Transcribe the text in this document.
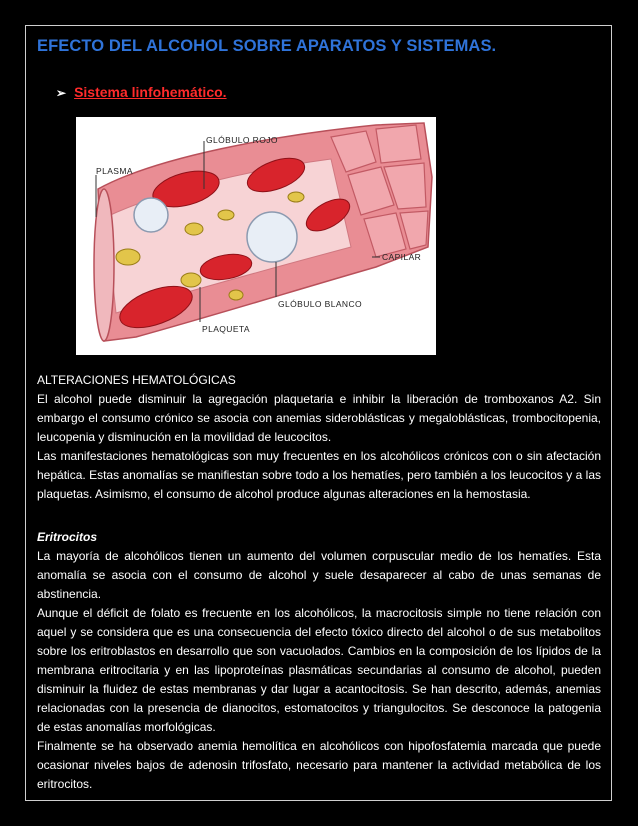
EFECTO DEL ALCOHOL SOBRE APARATOS Y SISTEMAS.
➢ Sistema linfohemático.
GLÓBULO ROJO
PLASMA
CAPILAR
GLÓBULO BLANCO
PLAQUETA

ALTERACIONES HEMATOLÓGICAS

El alcohol puede disminuir la agregación plaquetaria e inhibir la liberación de tromboxanos A2. Sin embargo el consumo crónico se asocia con anemias sideroblásticas y megaloblásticas, trombocitopenia, leucopenia y disminución en la movilidad de leucocitos.

Las manifestaciones hematológicas son muy frecuentes en los alcohólicos crónicos con o sin afectación hepática. Estas anomalías se manifiestan sobre todo a los hematíes, pero también a los leucocitos y a las plaquetas. Asimismo, el consumo de alcohol produce algunas alteraciones en la hemostasia.

Eritrocitos

La mayoría de alcohólicos tienen un aumento del volumen corpuscular medio de los hematíes. Esta anomalía se asocia con el consumo de alcohol y suele desaparecer al cabo de unas semanas de abstinencia.

Aunque el déficit de folato es frecuente en los alcohólicos, la macrocitosis simple no tiene relación con aquel y se considera que es una consecuencia del efecto tóxico directo del alcohol o de sus metabolitos sobre los eritroblastos en desarrollo que son vacuolados. Cambios en la composición de los lípidos de la membrana eritrocitaria y en las lipoproteínas plasmáticas secundarias al consumo de alcohol, pueden disminuir la fluidez de estas membranas y dar lugar a acantocitosis. Se han descrito, además, anemias relacionadas con la presencia de dianocitos, estomatocitos y triangulocitos. Se desconoce la patogenia de estas anomalías morfológicas.

Finalmente se ha observado anemia hemolítica en alcohólicos con hipofosfatemia marcada que puede ocasionar niveles bajos de adenosin trifosfato, necesario para mantener la actividad metabólica de los eritrocitos.
